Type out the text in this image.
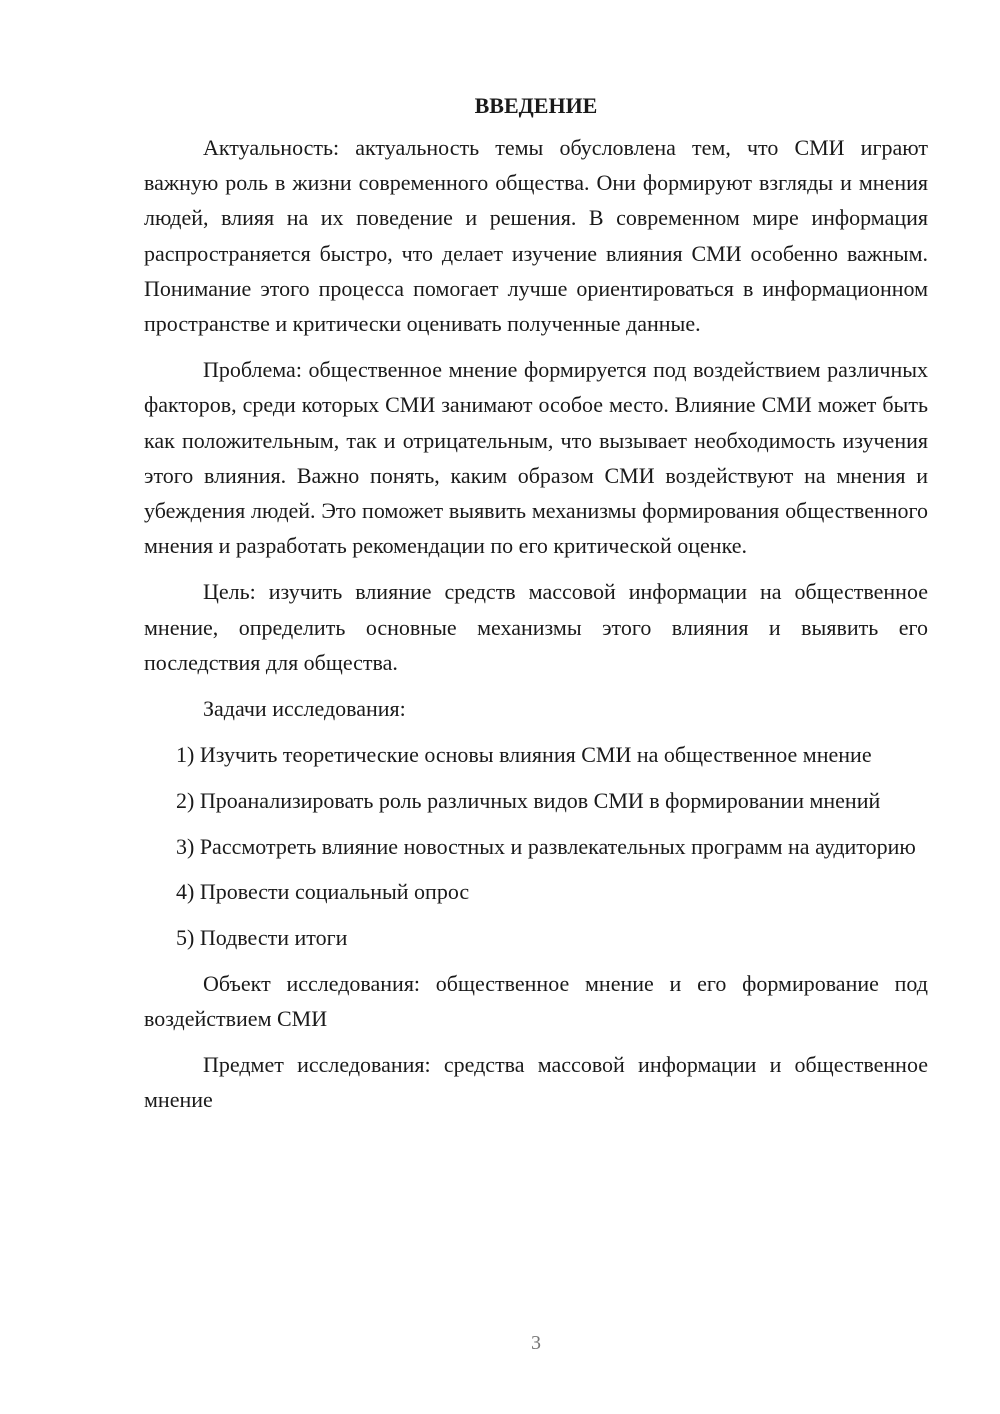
ВВЕДЕНИЕ

Актуальность: актуальность темы обусловлена тем, что СМИ играют важную роль в жизни современного общества. Они формируют взгляды и мнения людей, влияя на их поведение и решения. В современном мире информация распространяется быстро, что делает изучение влияния СМИ особенно важным. Понимание этого процесса помогает лучше ориентироваться в информационном пространстве и критически оценивать полученные данные.

Проблема: общественное мнение формируется под воздействием различных факторов, среди которых СМИ занимают особое место. Влияние СМИ может быть как положительным, так и отрицательным, что вызывает необходимость изучения этого влияния. Важно понять, каким образом СМИ воздействуют на мнения и убеждения людей. Это поможет выявить механизмы формирования общественного мнения и разработать рекомендации по его критической оценке.

Цель: изучить влияние средств массовой информации на общественное мнение, определить основные механизмы этого влияния и выявить его последствия для общества.

Задачи исследования:

1) Изучить теоретические основы влияния СМИ на общественное мнение

2) Проанализировать роль различных видов СМИ в формировании мнений

3) Рассмотреть влияние новостных и развлекательных программ на аудиторию

4) Провести социальный опрос

5) Подвести итоги

Объект исследования: общественное мнение и его формирование под воздействием СМИ

Предмет исследования: средства массовой информации и общественное мнение

3
